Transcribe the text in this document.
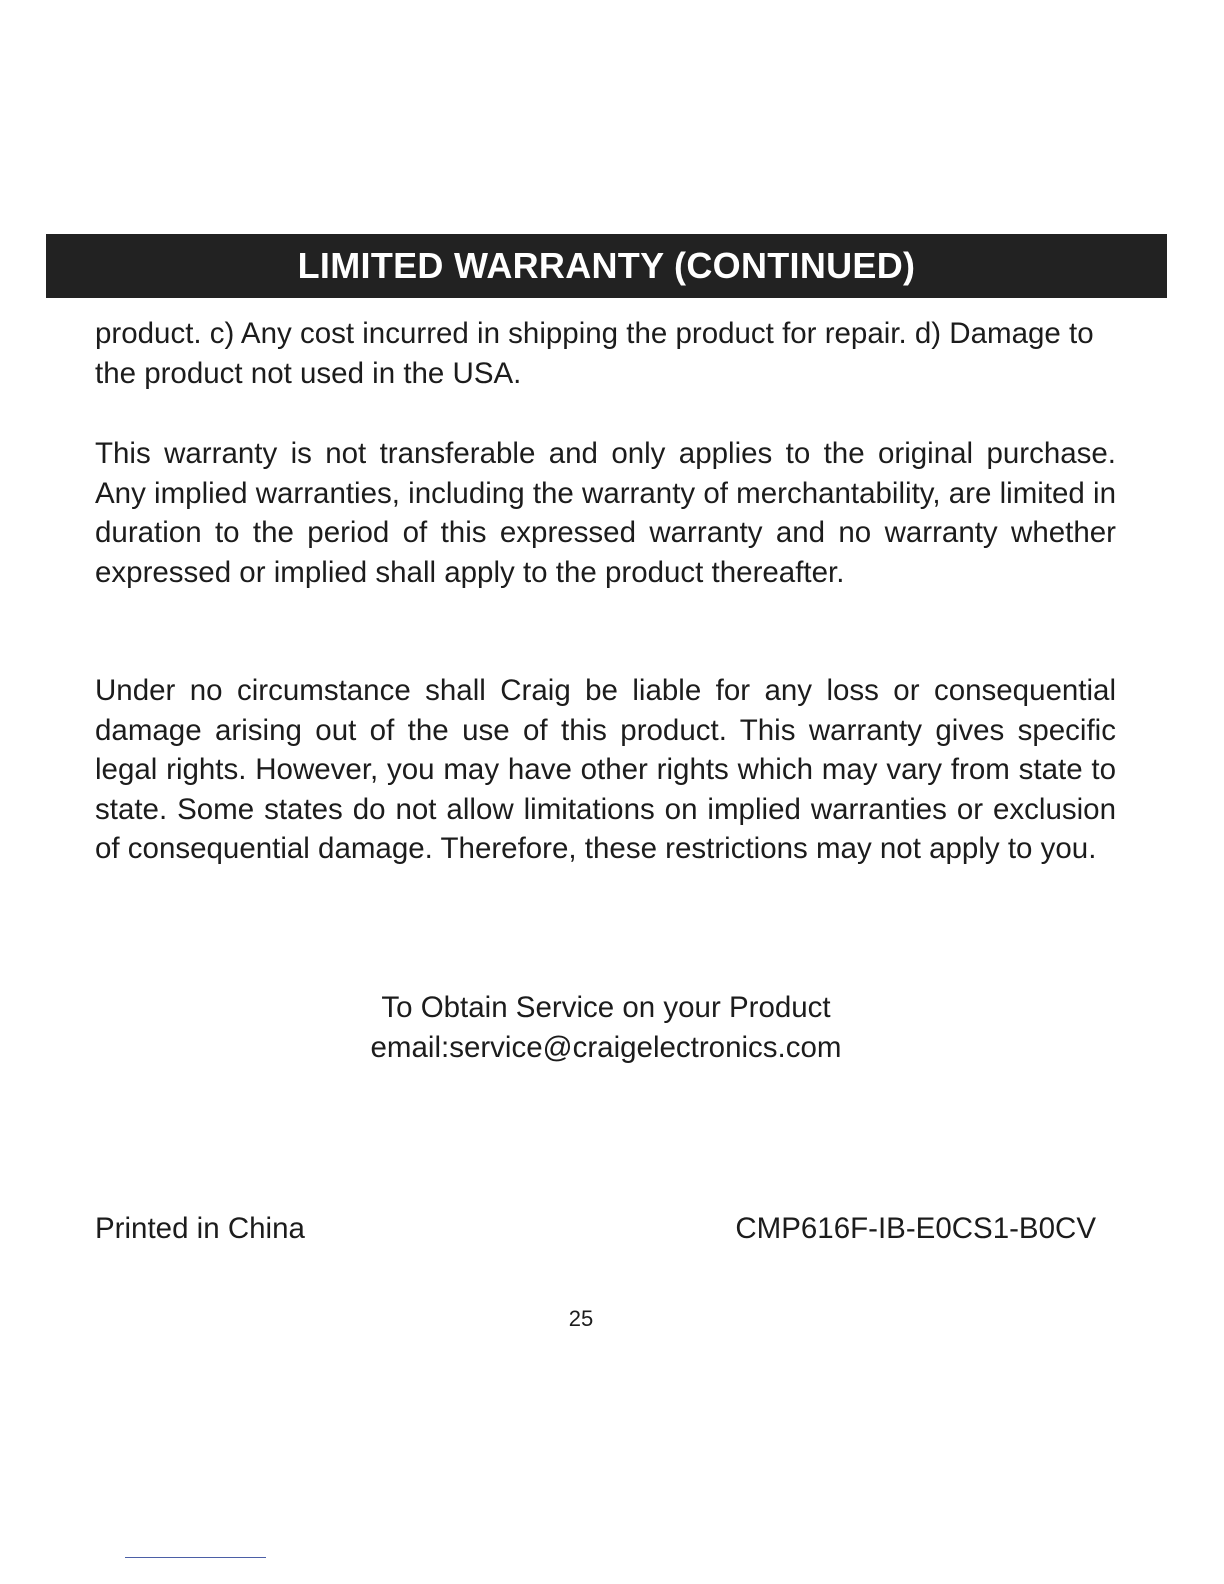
LIMITED WARRANTY (CONTINUED)

product. c) Any cost incurred in shipping the product for repair. d) Damage to the product not used in the USA.

This warranty is not transferable and only applies to the original purchase. Any implied warranties, including the warranty of merchantability, are limited in duration to the period of this expressed warranty and no warranty whether expressed or implied shall apply to the product thereafter.

Under no circumstance shall Craig be liable for any loss or consequential damage arising out of the use of this product. This warranty gives specific legal rights. However, you may have other rights which may vary from state to state. Some states do not allow limitations on implied warranties or exclusion of consequential damage. Therefore, these restrictions may not apply to you.

To Obtain Service on your Product
email:service@craigelectronics.com
Printed in China	CMP616F-IB-E0CS1-B0CV
25
